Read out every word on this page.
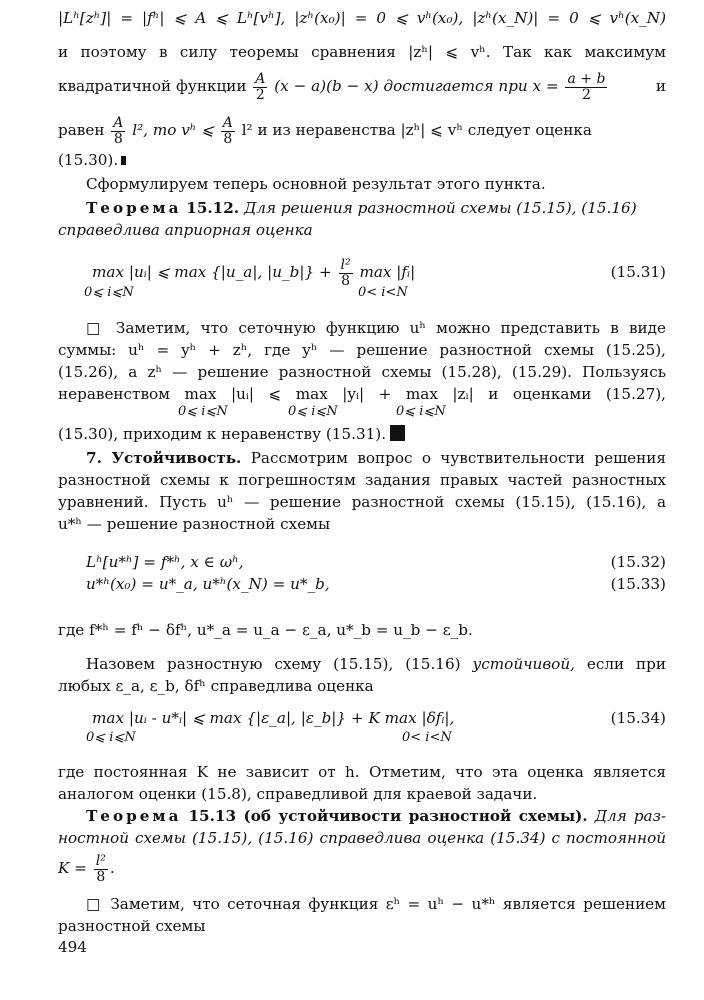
|Lʰ[zʰ]| = |fʰ| ⩽ A ⩽ Lʰ[vʰ], |zʰ(x₀)| = 0 ⩽ vʰ(x₀), |zʰ(x_N)| = 0 ⩽ vʰ(x_N)
и поэтому в силу теоремы сравнения |zʰ| ⩽ vʰ. Так как максимум
квадратичной функции $\frac{A}{2} (x - a)(b - x)$ достигается при $x = \frac{a + b}{2}$	и
равен $\frac{A}{8} l^2$, то vʰ ⩽ $\frac{A}{8} l^2$ и из неравенства |zʰ| ⩽ vʰ следует оценка
(15.30).
Сформулируем теперь основной результат этого пункта.
Теорема 15.12. Для решения разностной схемы (15.15), (15.16)
справедлива априорная оценка
max |uᵢ| ⩽ max {|u_a|, |u_b|} + $\frac{\text{l²}}{8}$ max |fᵢ|
0⩽ i⩽N	0< i<N
(15.31)
□ Заметим, что сеточную функцию uʰ можно представить в виде
суммы: uʰ = yʰ + zʰ, где yʰ — решение разностной схемы (15.25),
(15.26), а zʰ — решение разностной схемы (15.28), (15.29). Пользуясь
неравенством max |uᵢ| ⩽ max |yᵢ| + max |zᵢ| и оценками (15.27),
0⩽ i⩽N	0⩽ i⩽N	0⩽ i⩽N
(15.30), приходим к неравенству (15.31).
7. Устойчивость. Рассмотрим вопрос о чувствительности решения
разностной схемы к погрешностям задания правых частей разностных
уравнений. Пусть uʰ — решение разностной схемы (15.15), (15.16), а
u*ʰ — решение разностной схемы
Lʰ[u*ʰ] = f*ʰ, x ∈ ωʰ,	(15.32)
u*ʰ(x₀) = u*_a, u*ʰ(x_N) = u*_b,	(15.33)
где f*ʰ = fʰ − δfʰ, u*_a = u_a − ε_a, u*_b = u_b − ε_b.
Назовем разностную схему (15.15), (15.16) устойчивой, если при
любых ε_a, ε_b, δfʰ справедлива оценка
max |uᵢ - u*ᵢ| ⩽ max {|ε_a|, |ε_b|} + K max |δfᵢ|,
0⩽ i⩽N	0< i<N
(15.34)
где постоянная K не зависит от h. Отметим, что эта оценка является
аналогом оценки (15.8), справедливой для краевой задачи.
Теорема 15.13 (об устойчивости разностной схемы). Для раз-
ностной схемы (15.15), (15.16) справедлива оценка (15.34) с постоянной
$K = \frac{\text{l²}}{8}$ .
□ Заметим, что сеточная функция εʰ = uʰ − u*ʰ является решением
разностной схемы
494
